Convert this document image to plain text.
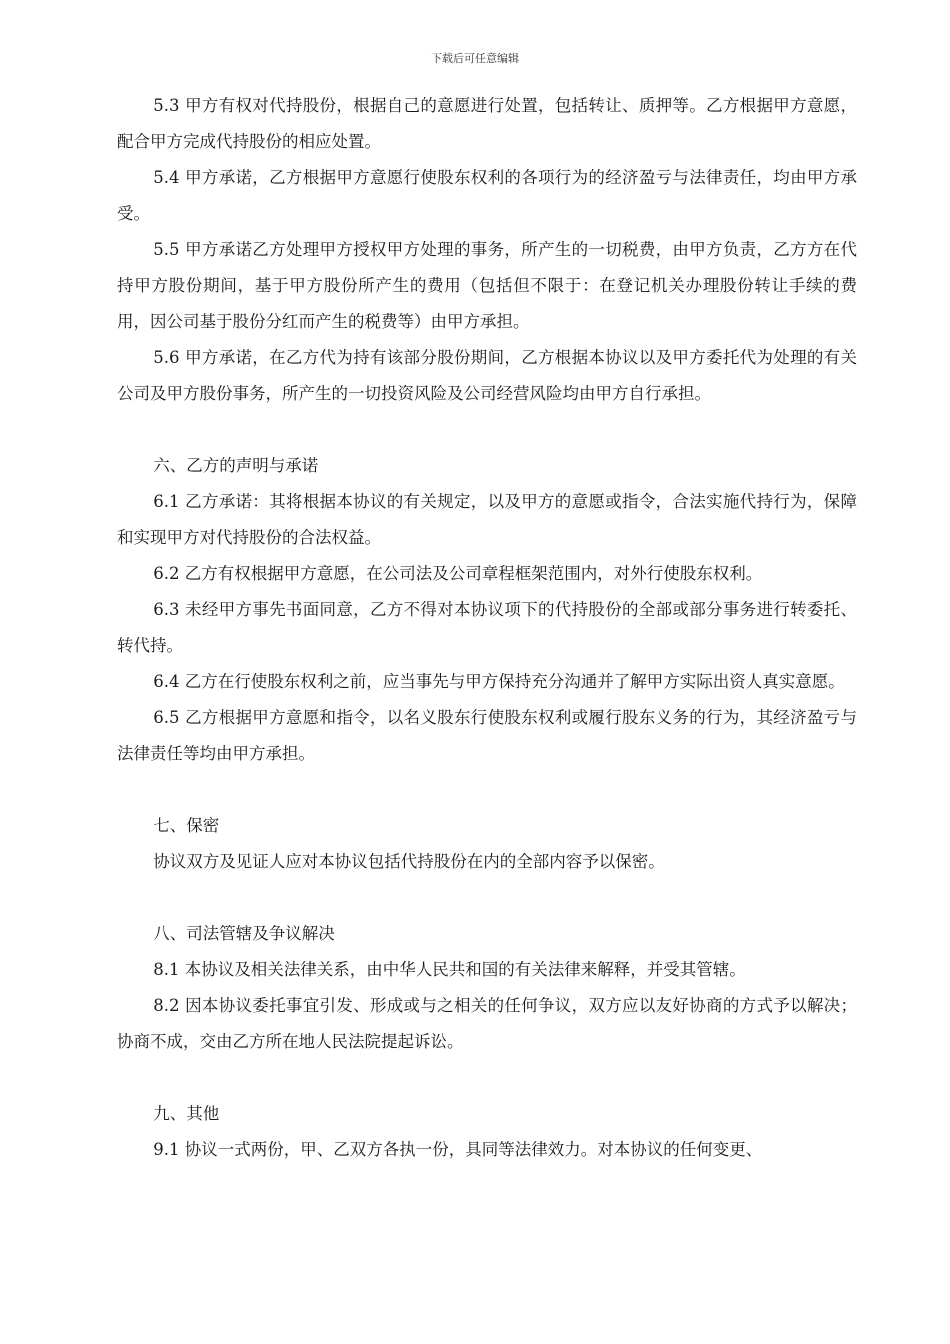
下载后可任意编辑

5.3 甲方有权对代持股份，根据自己的意愿进行处置，包括转让、质押等。乙方根据甲方意愿，配合甲方完成代持股份的相应处置。

5.4 甲方承诺，乙方根据甲方意愿行使股东权利的各项行为的经济盈亏与法律责任，均由甲方承受。

5.5 甲方承诺乙方处理甲方授权甲方处理的事务，所产生的一切税费，由甲方负责，乙方方在代持甲方股份期间，基于甲方股份所产生的费用（包括但不限于：在登记机关办理股份转让手续的费用，因公司基于股份分红而产生的税费等）由甲方承担。

5.6 甲方承诺，在乙方代为持有该部分股份期间，乙方根据本协议以及甲方委托代为处理的有关公司及甲方股份事务，所产生的一切投资风险及公司经营风险均由甲方自行承担。

六、乙方的声明与承诺

6.1 乙方承诺：其将根据本协议的有关规定，以及甲方的意愿或指令，合法实施代持行为，保障和实现甲方对代持股份的合法权益。

6.2 乙方有权根据甲方意愿，在公司法及公司章程框架范围内，对外行使股东权利。

6.3 未经甲方事先书面同意，乙方不得对本协议项下的代持股份的全部或部分事务进行转委托、转代持。

6.4 乙方在行使股东权利之前，应当事先与甲方保持充分沟通并了解甲方实际出资人真实意愿。

6.5 乙方根据甲方意愿和指令，以名义股东行使股东权利或履行股东义务的行为，其经济盈亏与法律责任等均由甲方承担。

七、保密

协议双方及见证人应对本协议包括代持股份在内的全部内容予以保密。

八、司法管辖及争议解决

8.1 本协议及相关法律关系，由中华人民共和国的有关法律来解释，并受其管辖。

8.2 因本协议委托事宜引发、形成或与之相关的任何争议，双方应以友好协商的方式予以解决；协商不成，交由乙方所在地人民法院提起诉讼。

九、其他

9.1 协议一式两份，甲、乙双方各执一份，具同等法律效力。对本协议的任何变更、
